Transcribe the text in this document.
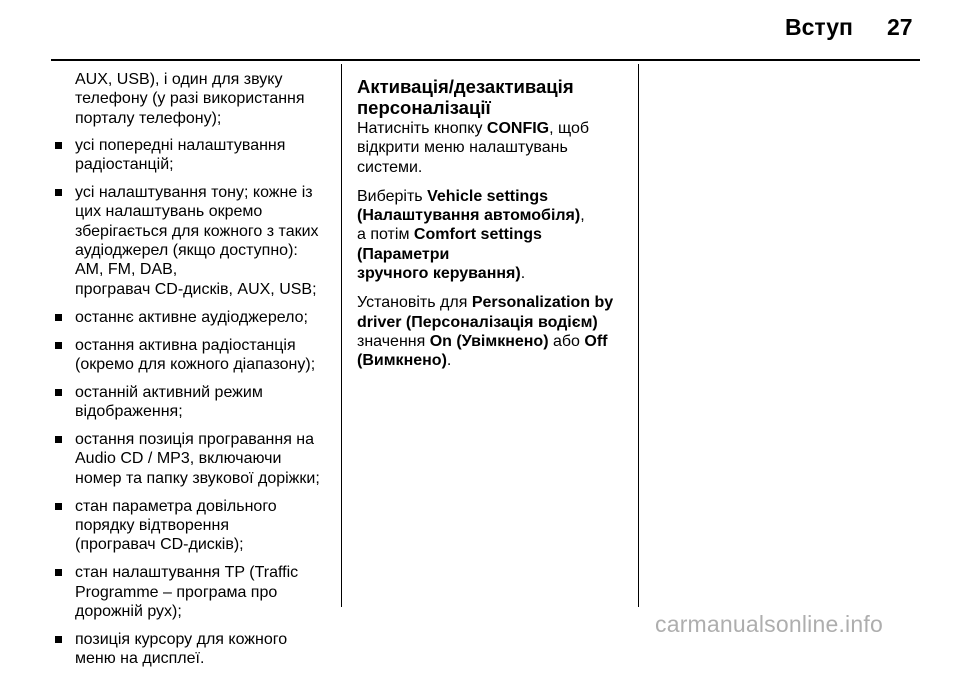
Вступ 27
AUX, USB), і один для звуку
телефону (у разі використання
порталу телефону);
усі попередні налаштування
радіостанцій;
усі налаштування тону; кожне із
цих налаштувань окремо
зберігається для кожного з таких
аудіоджерел (якщо доступно):
AM, FM, DAB,
програвач CD-дисків, AUX, USB;
останнє активне аудіоджерело;
остання активна радіостанція
(окремо для кожного діапазону);
останній активний режим
відображення;
остання позиція програвання на
Audio CD / MP3, включаючи
номер та папку звукової доріжки;
стан параметра довільного
порядку відтворення
(програвач CD-дисків);
стан налаштування TP (Traffic
Programme – програма про
дорожній рух);
позиція курсору для кожного
меню на дисплеї.
Активація/дезактивація
персоналізації

Натисніть кнопку CONFIG, щоб
відкрити меню налаштувань
системи.

Виберіть Vehicle settings
(Налаштування автомобіля),
а потім Comfort settings (Параметри
зручного керування).

Установіть для Personalization by
driver (Персоналізація водієм)
значення On (Увімкнено) або Off
(Вимкнено).

carmanualsonline.info
